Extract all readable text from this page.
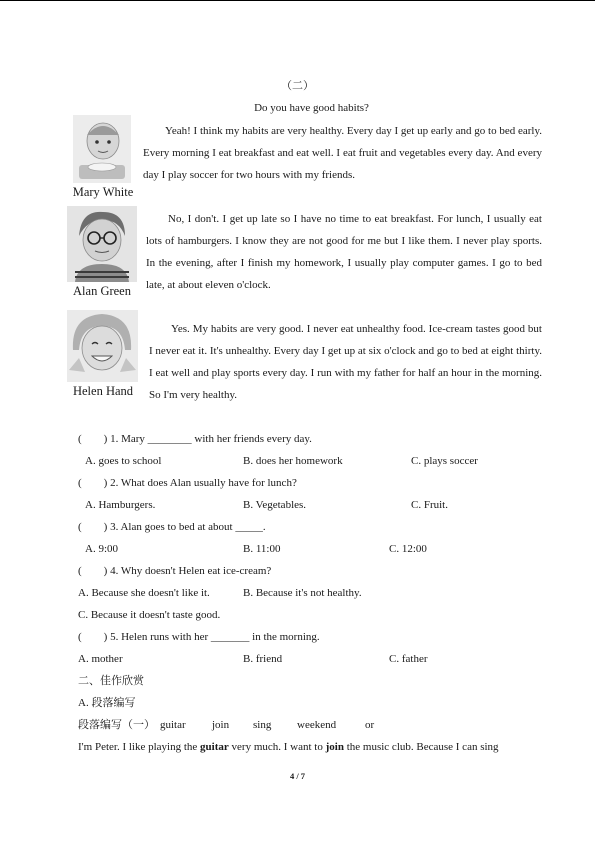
（二）
Do you have good habits?
Mary White

Yeah! I think my habits are very healthy. Every day I get up early and go to bed early. Every morning I eat breakfast and eat well. I eat fruit and vegetables every day. And every day I play soccer for two hours with my friends.

Alan Green

No, I don't. I get up late so I have no time to eat breakfast. For lunch, I usually eat lots of hamburgers. I know they are not good for me but I like them. I never play sports. In the evening, after I finish my homework, I usually play computer games. I go to bed late, at about eleven o'clock.

Helen Hand

Yes. My habits are very good. I never eat unhealthy food. Ice-cream tastes good but I never eat it. It's unhealthy. Every day I get up at six o'clock and go to bed at eight thirty. I eat well and play sports every day. I run with my father for half an hour in the morning. So I'm very healthy.

(　　) 1. Mary ________ with her friends every day.
A. goes to school	B. does her homework	C. plays soccer
(　　) 2. What does Alan usually have for lunch?
A. Hamburgers.	B. Vegetables.	C. Fruit.
(　　) 3. Alan goes to bed at about _____.
A. 9:00	B. 11:00	C. 12:00
(　　) 4. Why doesn't Helen eat ice-cream?
A. Because she doesn't like it.	B. Because it's not healthy.
C. Because it doesn't taste good.
(　　) 5. Helen runs with her _______ in the morning.
A. mother	B. friend	C. father
二、佳作欣赏
A. 段落编写
段落编写（一） guitar join sing weekend	or
I'm Peter. I like playing the guitar very much. I want to join the music club. Because I can sing
4 / 7
